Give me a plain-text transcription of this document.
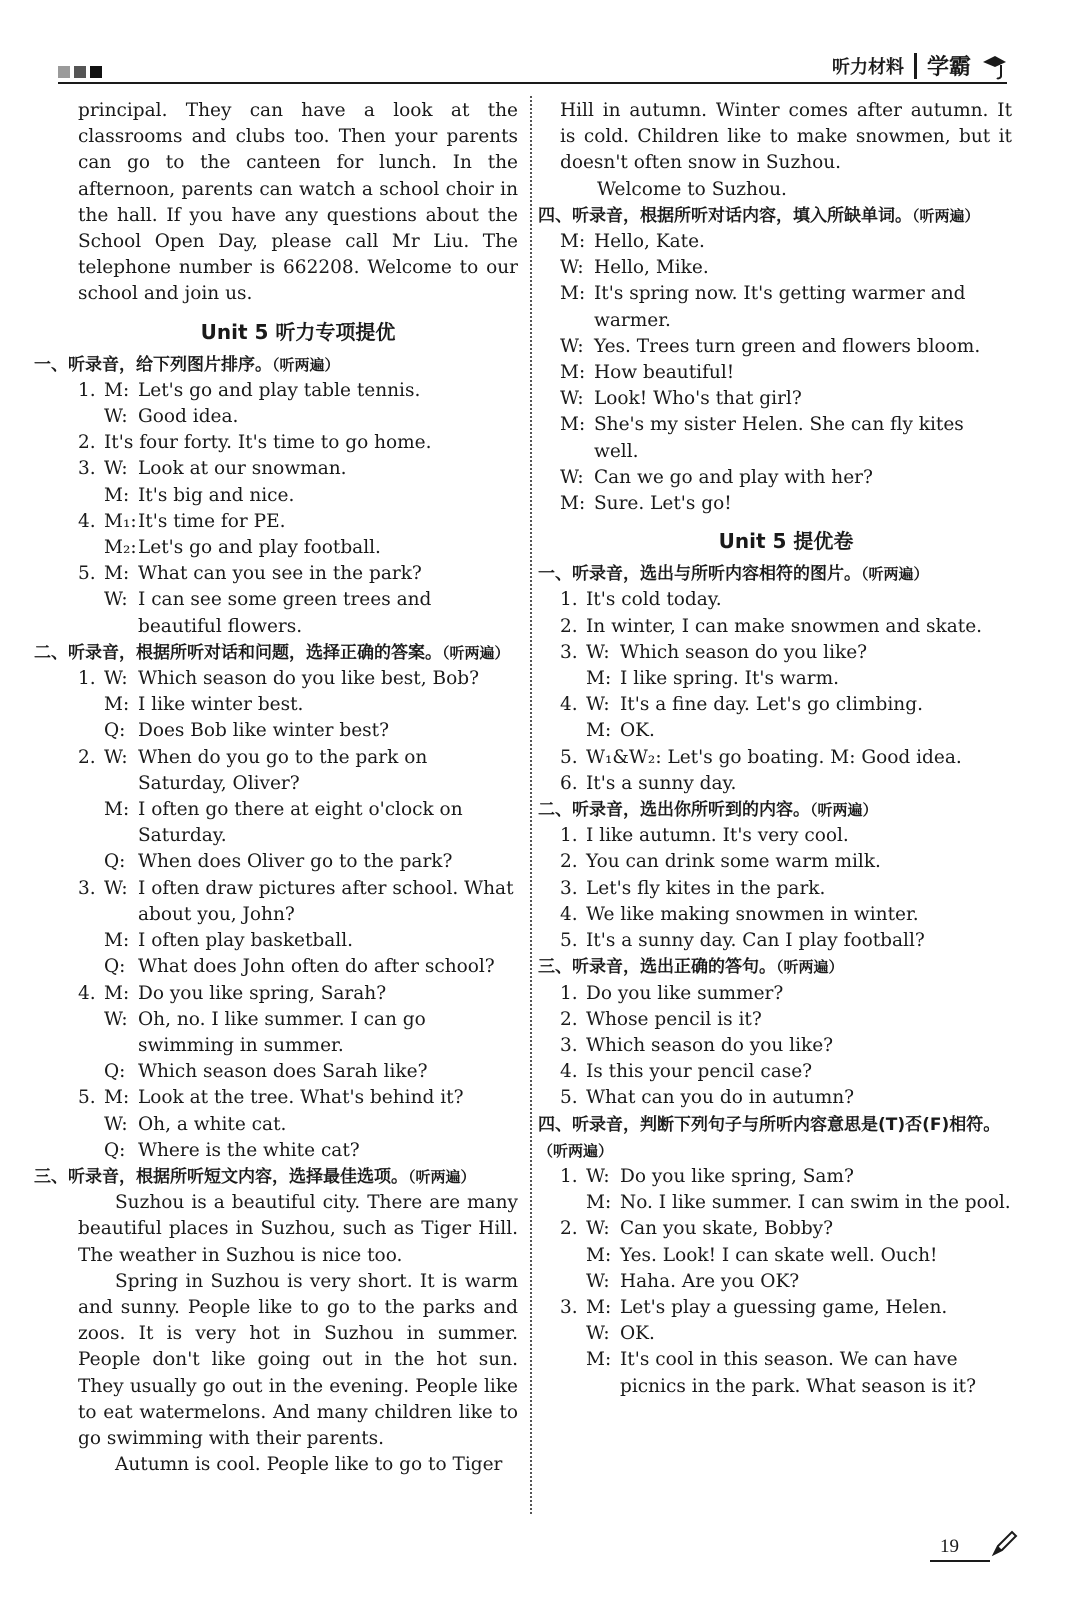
听力材料 学霸

principal. They can have a look at the classrooms and clubs too. Then your parents can go to the canteen for lunch. In the afternoon, parents can watch a school choir in the hall. If you have any questions about the School Open Day, please call Mr Liu. The telephone number is 662208. Welcome to our school and join us.

Unit 5 听力专项提优
一、听录音，给下列图片排序。（听两遍）
1. M: Let's go and play table tennis.
W: Good idea.
2. It's four forty. It's time to go home.
3. W: Look at our snowman.
M: It's big and nice.
4. M₁: It's time for PE.
M₂: Let's go and play football.
5. M: What can you see in the park?
W: I can see some green trees and beautiful flowers.
二、听录音，根据所听对话和问题，选择正确的答案。（听两遍）
1. W: Which season do you like best, Bob?
M: I like winter best.
Q: Does Bob like winter best?
2. W: When do you go to the park on Saturday, Oliver?
M: I often go there at eight o'clock on Saturday.
Q: When does Oliver go to the park?
3. W: I often draw pictures after school. What about you, John?
M: I often play basketball.
Q: What does John often do after school?
4. M: Do you like spring, Sarah?
W: Oh, no. I like summer. I can go swimming in summer.
Q: Which season does Sarah like?
5. M: Look at the tree. What's behind it?
W: Oh, a white cat.
Q: Where is the white cat?
三、听录音，根据所听短文内容，选择最佳选项。（听两遍）

Suzhou is a beautiful city. There are many beautiful places in Suzhou, such as Tiger Hill. The weather in Suzhou is nice too.

Spring in Suzhou is very short. It is warm and sunny. People like to go to the parks and zoos. It is very hot in Suzhou in summer. People don't like going out in the hot sun. They usually go out in the evening. People like to eat watermelons. And many children like to go swimming with their parents.

Autumn is cool. People like to go to Tiger

Hill in autumn. Winter comes after autumn. It is cold. Children like to make snowmen, but it doesn't often snow in Suzhou.

Welcome to Suzhou.

四、听录音，根据所听对话内容，填入所缺单词。（听两遍）
M: Hello, Kate.
W: Hello, Mike.
M: It's spring now. It's getting warmer and warmer.
W: Yes. Trees turn green and flowers bloom.
M: How beautiful!
W: Look! Who's that girl?
M: She's my sister Helen. She can fly kites well.
W: Can we go and play with her?
M: Sure. Let's go!
Unit 5 提优卷
一、听录音，选出与所听内容相符的图片。（听两遍）
1. It's cold today.
2. In winter, I can make snowmen and skate.
3. W: Which season do you like?
M: I like spring. It's warm.
4. W: It's a fine day. Let's go climbing.
M: OK.
5. W₁&W₂: Let's go boating. M: Good idea.
6. It's a sunny day.
二、听录音，选出你所听到的内容。（听两遍）
1. I like autumn. It's very cool.
2. You can drink some warm milk.
3. Let's fly kites in the park.
4. We like making snowmen in winter.
5. It's a sunny day. Can I play football?
三、听录音，选出正确的答句。（听两遍）
1. Do you like summer?
2. Whose pencil is it?
3. Which season do you like?
4. Is this your pencil case?
5. What can you do in autumn?
四、听录音，判断下列句子与所听内容意思是(T)否(F)相符。（听两遍）
1. W: Do you like spring, Sam?
M: No. I like summer. I can swim in the pool.
2. W: Can you skate, Bobby?
M: Yes. Look! I can skate well. Ouch!
W: Haha. Are you OK?
3. M: Let's play a guessing game, Helen.
W: OK.
M: It's cool in this season. We can have picnics in the park. What season is it?
19
